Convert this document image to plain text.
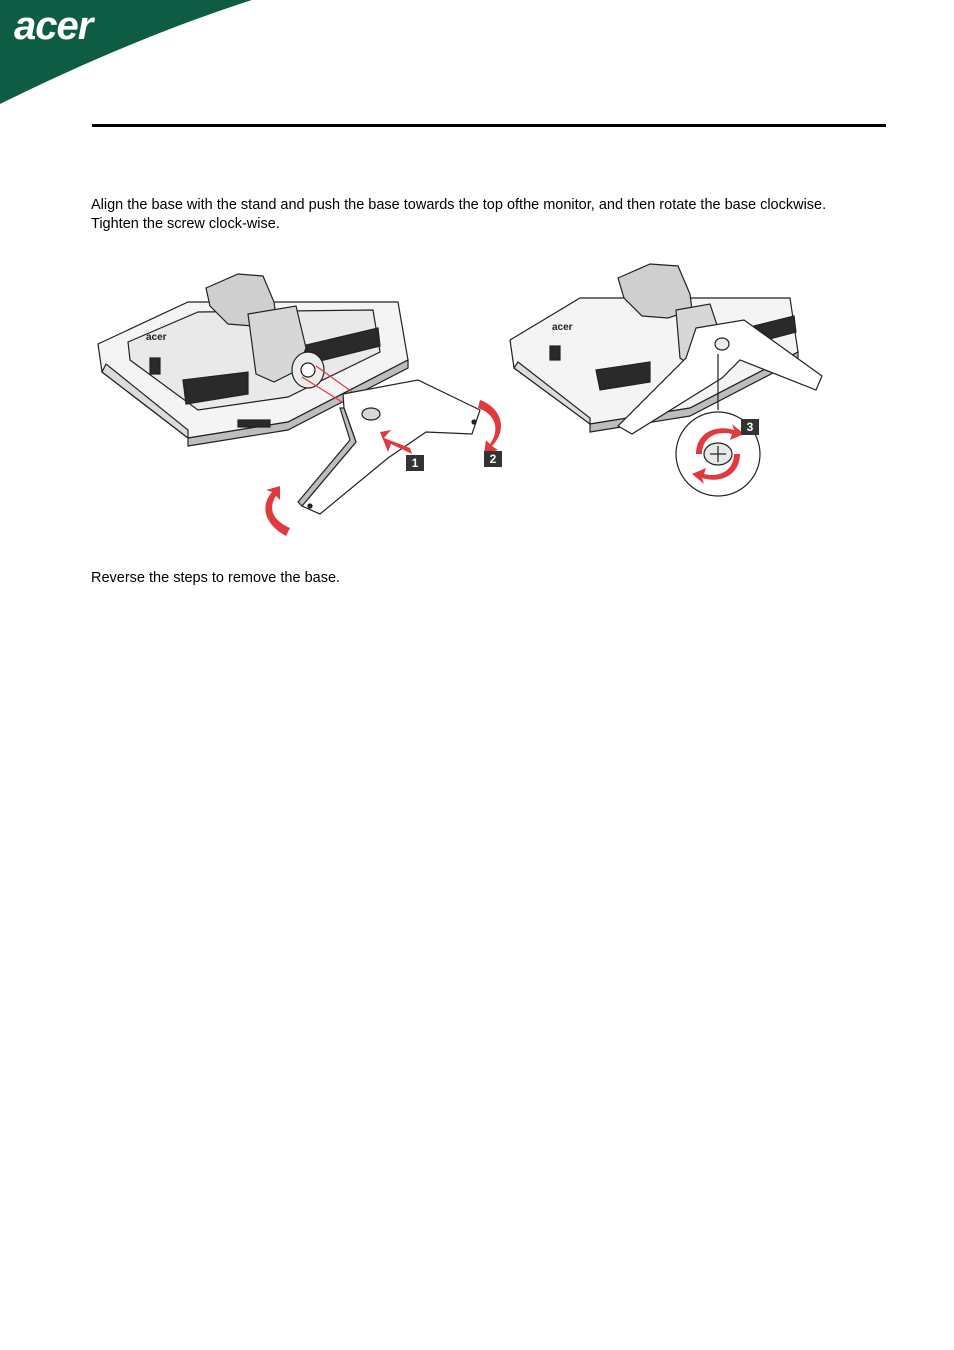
acer

Align the base with the stand and push the base towards the top ofthe monitor, and then rotate the base clockwise. Tighten the screw clock-wise.

acer
1	2
acer
3

Reverse the steps to remove the base.
